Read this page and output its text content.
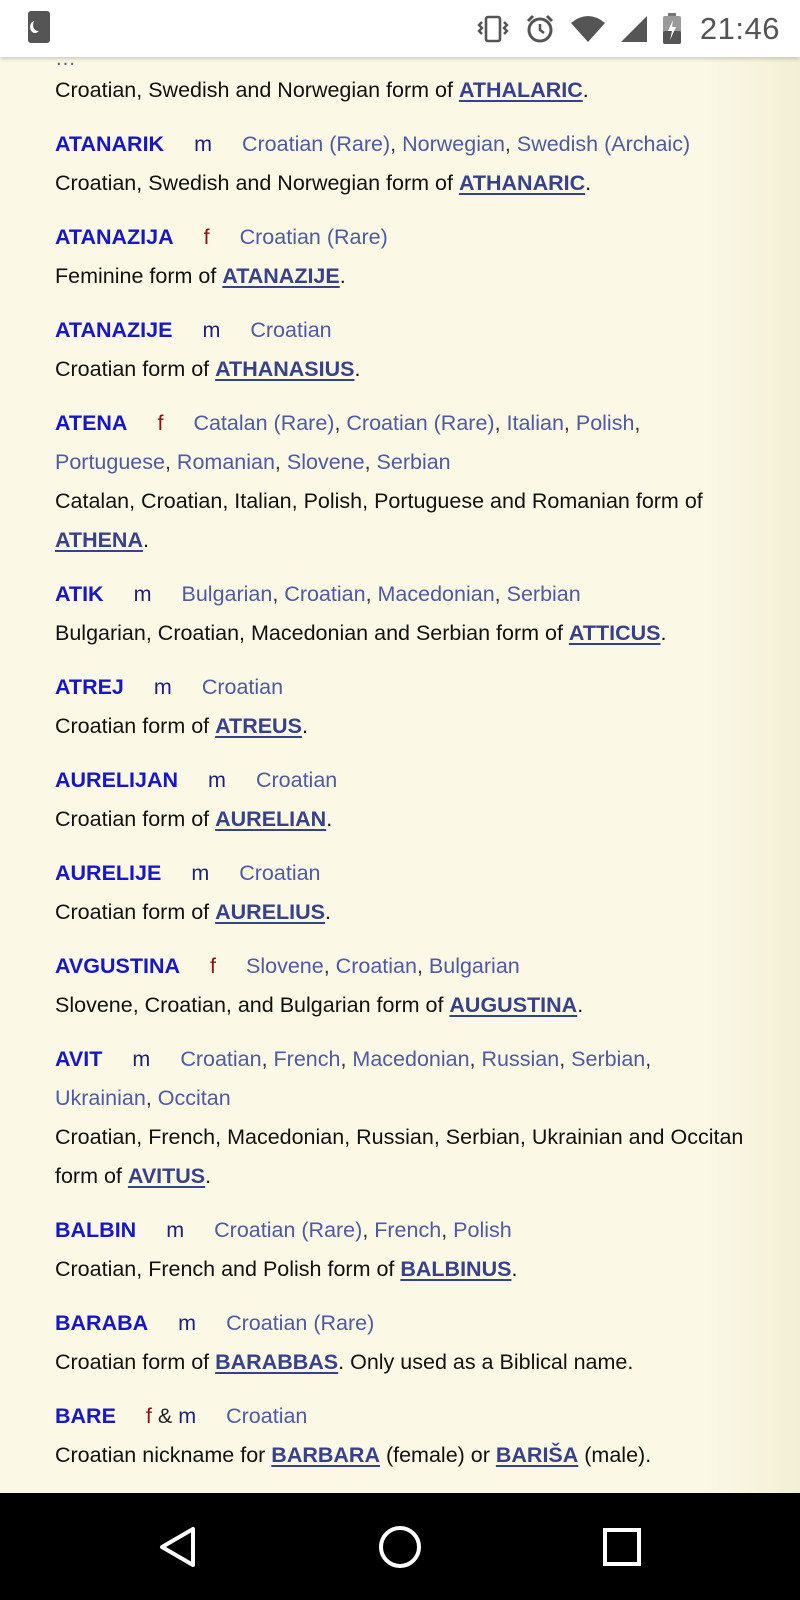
21:46
…
Croatian, Swedish and Norwegian form of ATHALARIC.
ATANARIK m Croatian (Rare), Norwegian, Swedish (Archaic)
Croatian, Swedish and Norwegian form of ATHANARIC.
ATANAZIJA f Croatian (Rare)
Feminine form of ATANAZIJE.
ATANAZIJE m Croatian
Croatian form of ATHANASIUS.
ATENA f Catalan (Rare), Croatian (Rare), Italian, Polish, Portuguese, Romanian, Slovene, Serbian
Catalan, Croatian, Italian, Polish, Portuguese and Romanian form of ATHENA.
ATIK m Bulgarian, Croatian, Macedonian, Serbian
Bulgarian, Croatian, Macedonian and Serbian form of ATTICUS.
ATREJ m Croatian
Croatian form of ATREUS.
AURELIJAN m Croatian
Croatian form of AURELIAN.
AURELIJE m Croatian
Croatian form of AURELIUS.
AVGUSTINA f Slovene, Croatian, Bulgarian
Slovene, Croatian, and Bulgarian form of AUGUSTINA.
AVIT m Croatian, French, Macedonian, Russian, Serbian, Ukrainian, Occitan
Croatian, French, Macedonian, Russian, Serbian, Ukrainian and Occitan form of AVITUS.
BALBIN m Croatian (Rare), French, Polish
Croatian, French and Polish form of BALBINUS.
BARABA m Croatian (Rare)
Croatian form of BARABBAS. Only used as a Biblical name.
BARE f & m Croatian
Croatian nickname for BARBARA (female) or BARIŠA (male).
